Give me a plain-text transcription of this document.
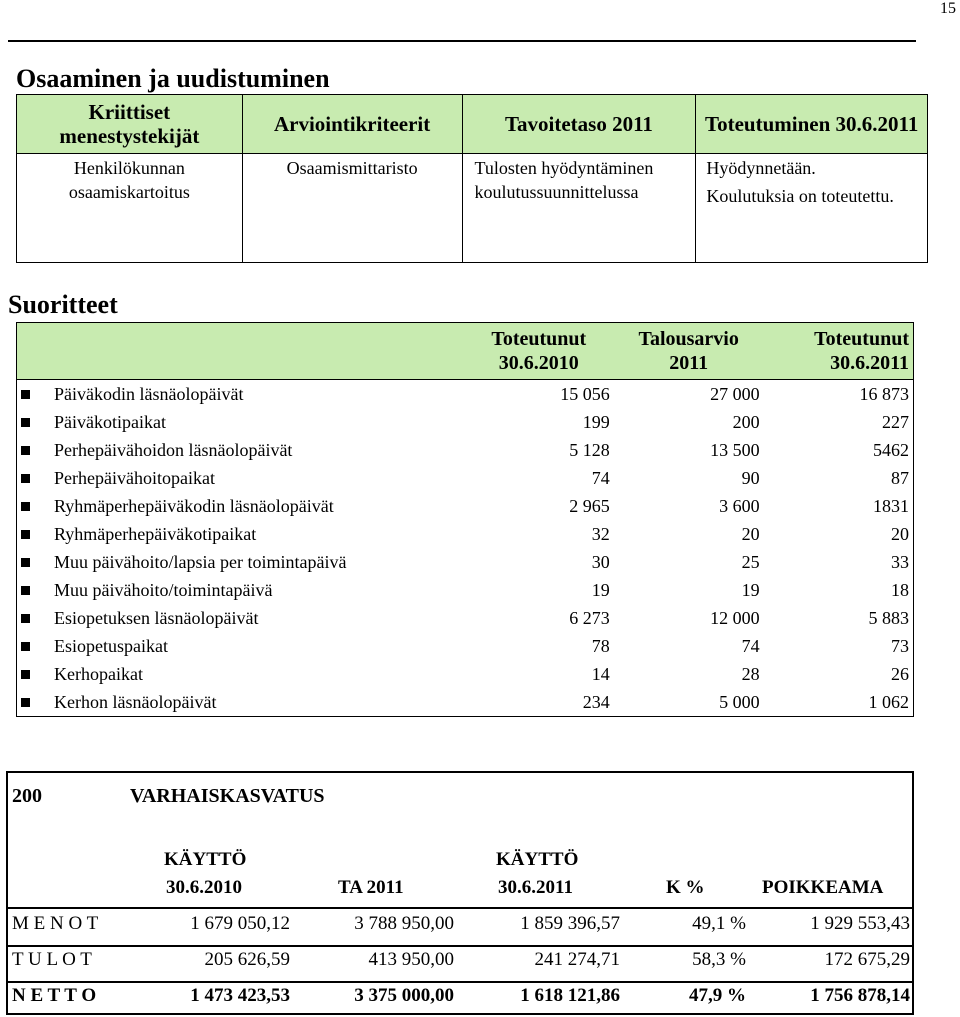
15
Osaaminen ja uudistuminen
Kriittiset menestystekijät	Arviointikriteerit	Tavoitetaso 2011	Toteutuminen 30.6.2011
Henkilökunnan osaamiskartoitus	Osaamismittaristo	Tulosten hyödyntäminen koulutussuunnittelussa	Hyödynnetään.
Koulutuksia on toteutettu.
Suoritteet
	Toteutunut 30.6.2010	Talousarvio 2011	Toteutunut 30.6.2011
Päiväkodin läsnäolopäivät	15 056	27 000	16 873
Päiväkotipaikat	199	200	227
Perhepäivähoidon läsnäolopäivät	5 128	13 500	5462
Perhepäivähoitopaikat	74	90	87
Ryhmäperhepäiväkodin läsnäolopäivät	2 965	3 600	1831
Ryhmäperhepäiväkotipaikat	32	20	20
Muu päivähoito/lapsia per toimintapäivä	30	25	33
Muu päivähoito/toimintapäivä	19	19	18
Esiopetuksen läsnäolopäivät	6 273	12 000	5 883
Esiopetuspaikat	78	74	73
Kerhopaikat	14	28	26
Kerhon läsnäolopäivät	234	5 000	1 062
200	VARHAISKASVATUS
KÄYTTÖ
30.6.2010	TA 2011
KÄYTTÖ
30.6.2011	K %	POIKKEAMA
M E N O T	1 679 050,12	3 788 950,00	1 859 396,57	49,1 %	1 929 553,43
T U L O T	205 626,59	413 950,00	241 274,71	58,3 %	172 675,29
N E T T O	1 473 423,53	3 375 000,00	1 618 121,86	47,9 %	1 756 878,14
